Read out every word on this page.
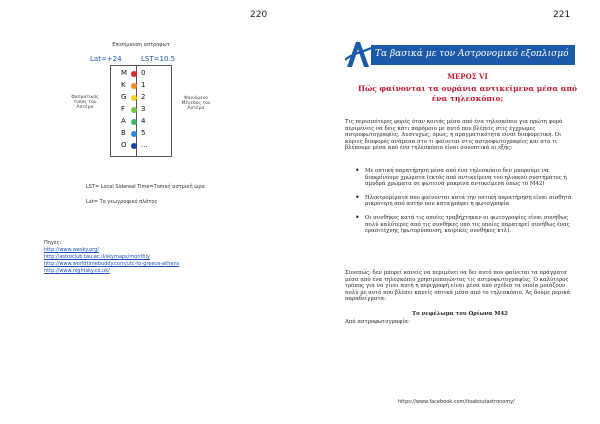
220
Επισήμανση αστροφωτ
Lat=+24	LST=10.5
M 0
K	1
G	2
F	3
A	4
B	5
O	...
Φασματικός τύπος του Αστέρα
Φαινόμενο Μέγεθος του Αστέρα
LST= Local Sidereal Time=Τοπική αστρική ώρα
Lat= Το γεωγραφικό πλάτος
Πηγές:
http://www.wesky.org/
http://astroclub.tau.ac.il/skymaps/monthly
http://www.worldtimebuddy.com/utc-to-greece-athens
http://www.nightsky.co.uk/
221
Τα βασικά με τον Αστρονομικό εξοπλισμό
ΜΕΡΟΣ VI
Πώς φαίνονται τα ουράνια αντικείμενα μέσα από ένα τηλεσκόπιο;
Τις περισσότερες φορές όταν κοιτάς μέσα από ένα τηλεσκόπιο για πρώτη φορά περιμένεις να δεις κάτι παρόμοιο με αυτό που βλέπεις στις έγχρωμες αστροφωτογραφίες. Δυστυχώς, όμως, η πραγματικότητα είναι διαφορετική. Οι κύριες διαφορές ανάμεσα στο τι φαίνεται στις αστροφωτογραφίες και στο τι βλέπουμε μέσα από ένα τηλεσκόπιο είναι συνοπτικά οι εξής:
• Με οπτική παρατήρηση μέσα από ένα τηλεσκόπιο δεν μπορούμε να διακρίνουμε χρώματα (εκτός από αντικείμενα του ηλιακού συστήματος ή αμυδρά χρώματα σε φωτεινά μακρινά αντικείμενα όπως το M42)
• Ηλεκτρομίματα που φαίνονται κατά την οπτική παρατήρηση είναι αισθητά μικρότερη από αυτήν που καταγράφει η φωτογραφία
• Οι συνθήκες κατά τις οποίες τραβήχτηκαν οι φωτογραφίες είναι συνήθως πολύ καλύτερες από τις συνθήκες υπό τις οποίες παρατηρεί συνήθως ένας ερασιτέχνης (φωτορύπανση, καιρικές συνθήκες κτλ).
Συνεπώς, δεν μπορεί κανείς να περιμένει να δει αυτό που φαίνεται τα πράγματα μέσα από ένα τηλεσκόπιο χρησιμοποιώντας τις αστροφωτογραφίες. Ο καλύτερος τρόπος για να γίνει αυτή η περιγραφή είναι μέσα από σχέδια τα οποία μοιάζουν πολύ με αυτό που βλέπει κανείς οπτικά μέσα από το τηλεσκόπιο. Ας δούμε μερικά παραδείγματα:
Το νεφέλωμα του Ωρίωνα M42
Από αστροφωτογραφία:
https://www.facebook.com/itsaboutastronomy/
